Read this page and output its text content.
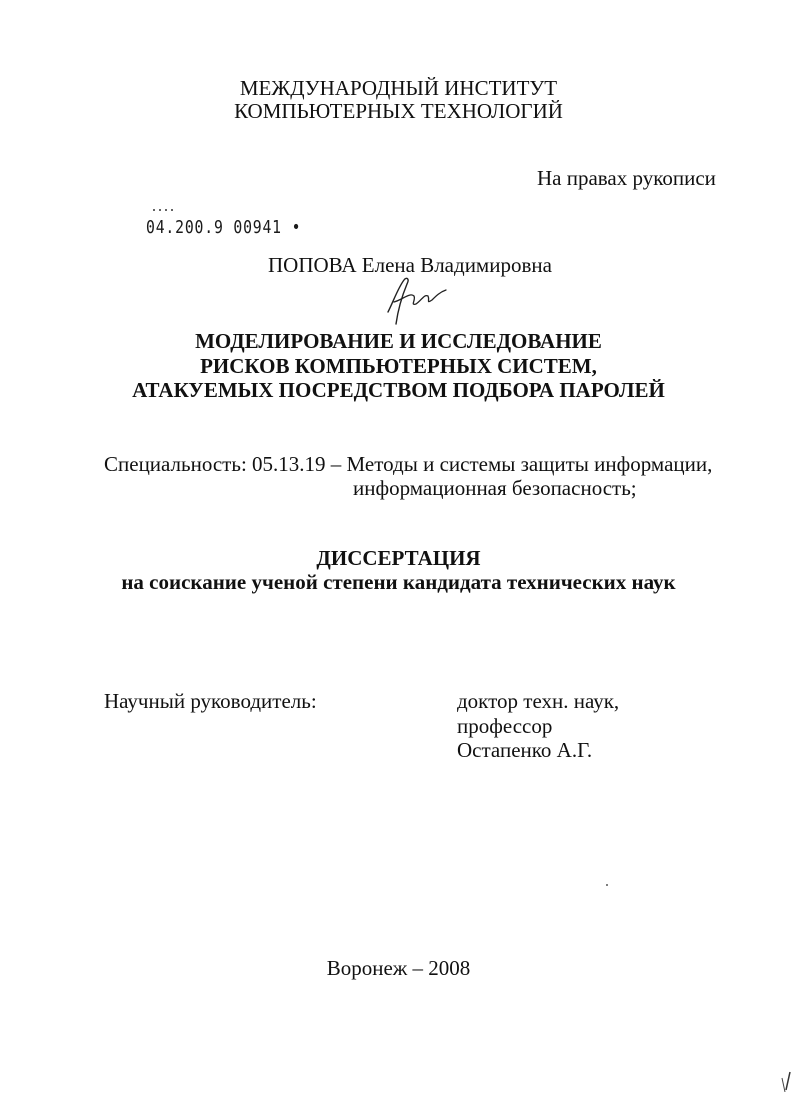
МЕЖДУНАРОДНЫЙ ИНСТИТУТ
КОМПЬЮТЕРНЫХ ТЕХНОЛОГИЙ
На правах рукописи
04.200.9 00941 •
ПОПОВА Елена Владимировна
МОДЕЛИРОВАНИЕ И ИССЛЕДОВАНИЕ
РИСКОВ КОМПЬЮТЕРНЫХ СИСТЕМ,
АТАКУЕМЫХ ПОСРЕДСТВОМ ПОДБОРА ПАРОЛЕЙ
Специальность: 05.13.19 – Методы и системы защиты информации,
информационная безопасность;
ДИССЕРТАЦИЯ
на соискание ученой степени кандидата технических наук
Научный руководитель:	доктор техн. наук,
профессор
Остапенко А.Г.
Воронеж – 2008
